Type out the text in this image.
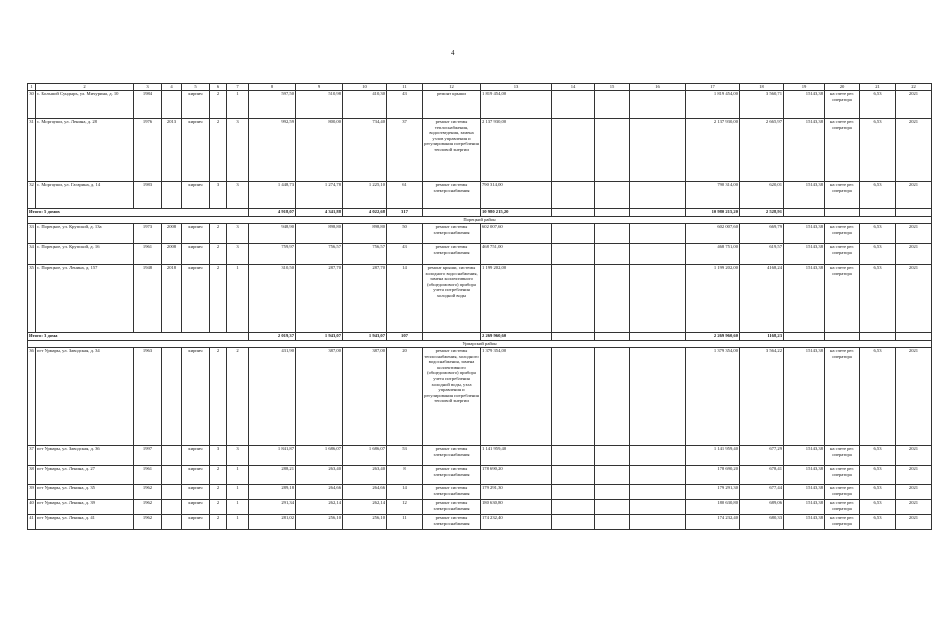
4
1	2	3	4	5	6	7	8	9	10	11	12	13	14	15	16	17	18	19	20	21	22
30	с. Большой Сундырь, ул. Мичурина, д. 10	1984		кирпич	2	1	597,50	510,98	410,30	43	ремонт крыши	1 819 454,00				1 819 454,00	3 560,71	15143,38	на счете рег. оператора	6,53	2021
31	с. Моргауши, ул. Ленина, д. 28	1976	2013	кирпич	2	3	992,59	800,00	734,40	37	ремонт системы теплоснабжения, водоотведения, замена узлов управления и регулирования потребления тепловой энергии	2 137 930,00				2 137 930,00	2 665,97	15143,38	на счете рег. оператора	6,53	2021
32	с. Моргауши, ул. Гагарина, д. 14	1983		кирпич	3	3	1 448,73	1 274,78	1 225,10	61	ремонт системы электроснабжения	790 314,00				790 314,00	620,01	15143,38	на счете рег. оператора	6,53	2021
Итого: 5 домов							4 918,07	4 341,88	4 022,68	317		10 980 215,20				10 980 215,20	2 528,91				
Порецкий район																					
33	с. Порецкое, ул. Крупской, д. 13а	1973	2008	кирпич	2	3	948,90	898,80	898,80	50	ремонт системы электроснабжения	602 007,60				602 007,60	669,79	15143,38	на счете рег. оператора	6,53	2021
34	с. Порецкое, ул. Крупской, д. 16	1961	2008	кирпич	2	3	759,97	756,57	756,57	43	ремонт системы электроснабжения	468 751,00				468 751,00	619,57	15143,38	на счете рег. оператора	6,53	2021
35	с. Порецкое, ул. Ленина, д. 157	1948	2018	кирпич	2	1	310,50	287,70	287,70	14	ремонт крыши, системы холодного водоснабжения, замена коллективного (общедомового) прибора учета потребления холодной воды	1 199 202,00				1 199 202,00	4168,24	15143,38	на счете рег. оператора	6,53	2021
Итого: 3 дома							2 019,37	1 943,07	1 943,07	107		2 269 960,60				2 269 960,60	1168,23				
Урмарский район																					
36	пгт Урмары, ул. Заводская, д. 34	1963		кирпич	2	2	431,90	387,00	387,00	20	ремонт системы теплоснабжения, холодного водоснабжения, замена коллективного (общедомового) прибора учета потребления холодной воды, узла управления и регулирования потребления тепловой энергии	1 379 354,00				1 379 354,00	3 564,22	15143,38	на счете рег. оператора	6,53	2021
37	пгт Урмары, ул. Заводская, д. 36	1997		кирпич	3	3	1 841,87	1 686,07	1 686,07	53	ремонт системы электроснабжения	1 141 959,40				1 141 959,40	677,29	15143,38	на счете рег. оператора	6,53	2021
38	пгт Урмары, ул. Ленина, д. 27	1961		кирпич	2	1	288,21	263,40	263,40	8	ремонт системы электроснабжения	178 690,20				178 690,20	678,41	15143,38	на счете рег. оператора	6,53	2021
39	пгт Урмары, ул. Ленина, д. 35	1962		кирпич	2	1	289,18	264,66	264,66	14	ремонт системы электроснабжения	179 291,30				179 291,30	677,44	15143,38	на счете рег. оператора	6,53	2021
40	пгт Урмары, ул. Ленина, д. 39	1962		кирпич	2	1	291,34	262,14	262,14	12	ремонт системы электроснабжения	180 630,80				180 630,80	689,06	15143,38	на счете рег. оператора	6,53	2021
41	пгт Урмары, ул. Ленина, д. 41	1962		кирпич	2	1	281,02	256,10	256,10	11	ремонт системы электроснабжения	174 232,40				174 232,40	680,33	15143,38	на счете рег. оператора	6,53	2021
